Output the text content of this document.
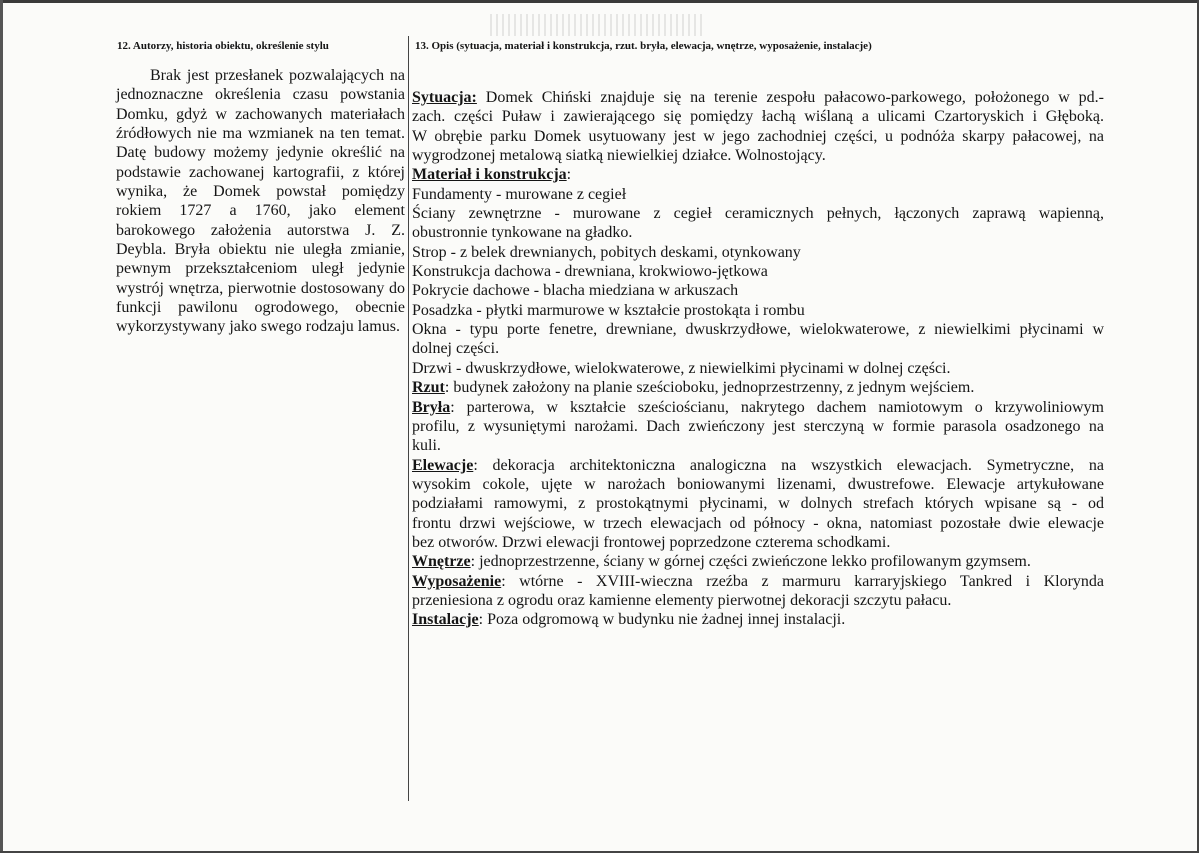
12. Autorzy, historia obiektu, określenie stylu	13. Opis (sytuacja, materiał i konstrukcja, rzut. bryła, elewacja, wnętrze, wyposażenie, instalacje)

Brak jest przesłanek pozwalających na jednoznaczne określenia czasu powstania Domku, gdyż w zachowanych materiałach źródłowych nie ma wzmianek na ten temat. Datę budowy możemy jedynie określić na podstawie zachowanej kartografii, z której wynika, że Domek powstał pomiędzy rokiem 1727 a 1760, jako element barokowego założenia autorstwa J. Z. Deybla. Bryła obiektu nie uległa zmianie, pewnym przekształceniom uległ jedynie wystrój wnętrza, pierwotnie dostosowany do funkcji pawilonu ogrodowego, obecnie wykorzystywany jako swego rodzaju lamus.

Sytuacja: Domek Chiński znajduje się na terenie zespołu pałacowo-parkowego, położonego w pd.-
zach. części Puław i zawierającego się pomiędzy łachą wiślaną a ulicami Czartoryskich i Głęboką.
W obrębie parku Domek usytuowany jest w jego zachodniej części, u podnóża skarpy pałacowej, na
wygrodzonej metalową siatką niewielkiej działce. Wolnostojący.
Materiał i konstrukcja:
Fundamenty - murowane z cegieł
Ściany zewnętrzne - murowane z cegieł ceramicznych pełnych, łączonych zaprawą wapienną,
obustronnie tynkowane na gładko.
Strop - z belek drewnianych, pobitych deskami, otynkowany
Konstrukcja dachowa - drewniana, krokwiowo-jętkowa
Pokrycie dachowe - blacha miedziana w arkuszach
Posadzka - płytki marmurowe w kształcie prostokąta i rombu
Okna - typu porte fenetre, drewniane, dwuskrzydłowe, wielokwaterowe, z niewielkimi płycinami w
dolnej części.
Drzwi - dwuskrzydłowe, wielokwaterowe, z niewielkimi płycinami w dolnej części.
Rzut: budynek założony na planie sześcioboku, jednoprzestrzenny, z jednym wejściem.
Bryła: parterowa, w kształcie sześciościanu, nakrytego dachem namiotowym o krzywoliniowym
profilu, z wysuniętymi narożami. Dach zwieńczony jest sterczyną w formie parasola osadzonego na
kuli.
Elewacje: dekoracja architektoniczna analogiczna na wszystkich elewacjach. Symetryczne, na
wysokim cokole, ujęte w narożach boniowanymi lizenami, dwustrefowe. Elewacje artykułowane
podziałami ramowymi, z prostokątnymi płycinami, w dolnych strefach których wpisane są - od
frontu drzwi wejściowe, w trzech elewacjach od północy - okna, natomiast pozostałe dwie elewacje
bez otworów. Drzwi elewacji frontowej poprzedzone czterema schodkami.
Wnętrze: jednoprzestrzenne, ściany w górnej części zwieńczone lekko profilowanym gzymsem.
Wyposażenie: wtórne - XVIII-wieczna rzeźba z marmuru karraryjskiego Tankred i Klorynda
przeniesiona z ogrodu oraz kamienne elementy pierwotnej dekoracji szczytu pałacu.
Instalacje: Poza odgromową w budynku nie żadnej innej instalacji.
